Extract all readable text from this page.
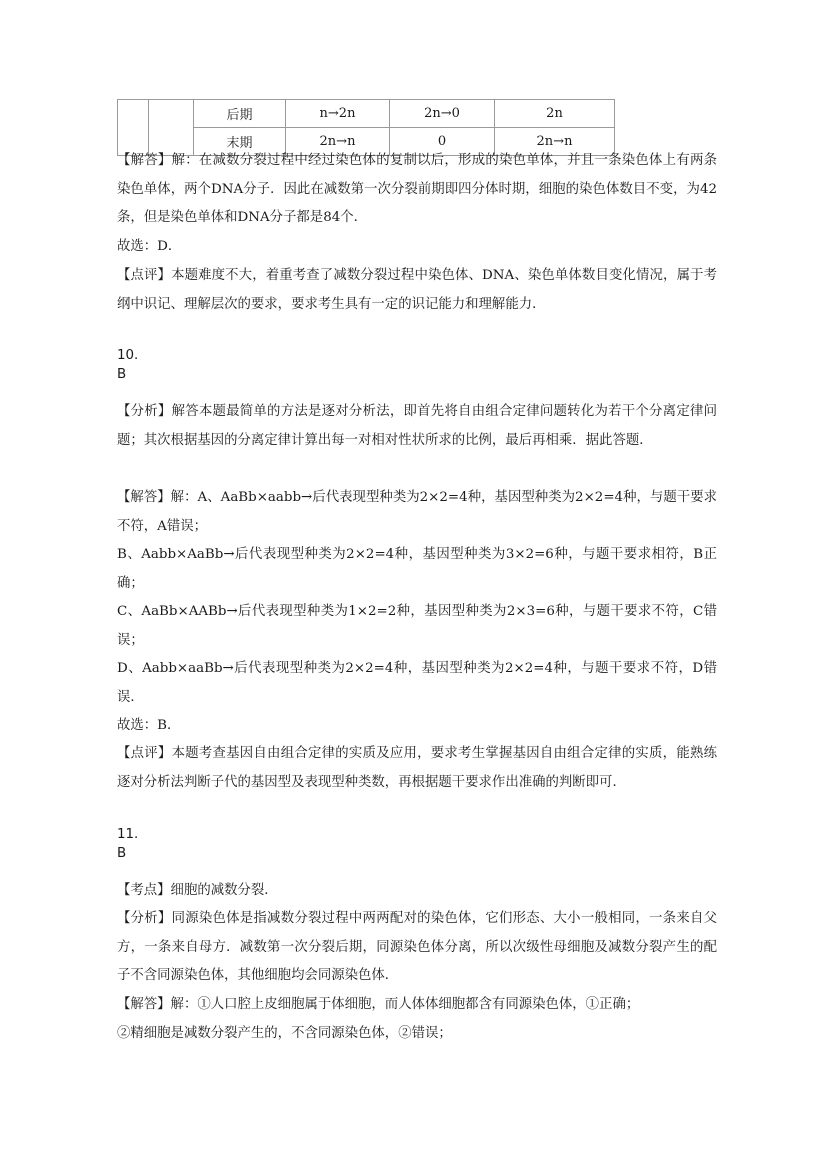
		后期	n→2n	2n→0	2n
		末期	2n→n	0	2n→n

【解答】解：在减数分裂过程中经过染色体的复制以后，形成的染色单体，并且一条染色体上有两条染色单体，两个DNA分子．因此在减数第一次分裂前期即四分体时期，细胞的染色体数目不变，为42条，但是染色单体和DNA分子都是84个．

故选：D．

【点评】本题难度不大，着重考查了减数分裂过程中染色体、DNA、染色单体数目变化情况，属于考纲中识记、理解层次的要求，要求考生具有一定的识记能力和理解能力．

10.

B

【分析】解答本题最简单的方法是逐对分析法，即首先将自由组合定律问题转化为若干个分离定律问题；其次根据基因的分离定律计算出每一对相对性状所求的比例，最后再相乘．据此答题．

【解答】解：A、AaBb×aabb→后代表现型种类为2×2=4种，基因型种类为2×2=4种，与题干要求不符，A错误；

B、Aabb×AaBb→后代表现型种类为2×2=4种，基因型种类为3×2=6种，与题干要求相符，B正确；

C、AaBb×AABb→后代表现型种类为1×2=2种，基因型种类为2×3=6种，与题干要求不符，C错误；

D、Aabb×aaBb→后代表现型种类为2×2=4种，基因型种类为2×2=4种，与题干要求不符，D错误．

故选：B．

【点评】本题考查基因自由组合定律的实质及应用，要求考生掌握基因自由组合定律的实质，能熟练逐对分析法判断子代的基因型及表现型种类数，再根据题干要求作出准确的判断即可．

11.

B

【考点】细胞的减数分裂．

【分析】同源染色体是指减数分裂过程中两两配对的染色体，它们形态、大小一般相同，一条来自父方，一条来自母方．减数第一次分裂后期，同源染色体分离，所以次级性母细胞及减数分裂产生的配子不含同源染色体，其他细胞均会同源染色体．

【解答】解：①人口腔上皮细胞属于体细胞，而人体体细胞都含有同源染色体，①正确；

②精细胞是减数分裂产生的，不含同源染色体，②错误；
